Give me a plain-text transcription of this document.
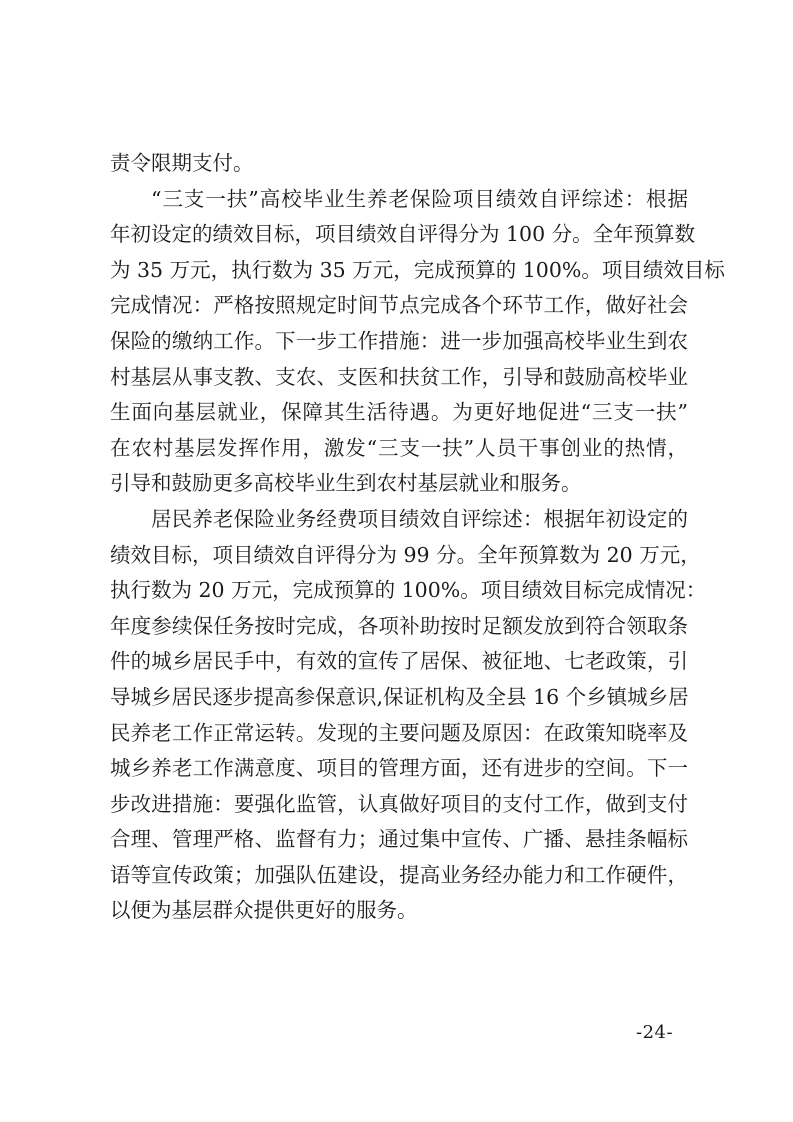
责令限期支付。
“三支一扶”高校毕业生养老保险项目绩效自评综述：根据
年初设定的绩效目标，项目绩效自评得分为 100 分。全年预算数
为 35 万元，执行数为 35 万元，完成预算的 100%。项目绩效目标
完成情况：严格按照规定时间节点完成各个环节工作，做好社会
保险的缴纳工作。下一步工作措施：进一步加强高校毕业生到农
村基层从事支教、支农、支医和扶贫工作，引导和鼓励高校毕业
生面向基层就业，保障其生活待遇。为更好地促进“三支一扶”
在农村基层发挥作用，激发“三支一扶”人员干事创业的热情，
引导和鼓励更多高校毕业生到农村基层就业和服务。
居民养老保险业务经费项目绩效自评综述：根据年初设定的
绩效目标，项目绩效自评得分为 99 分。全年预算数为 20 万元，
执行数为 20 万元，完成预算的 100%。项目绩效目标完成情况：
年度参续保任务按时完成，各项补助按时足额发放到符合领取条
件的城乡居民手中，有效的宣传了居保、被征地、七老政策，引
导城乡居民逐步提高参保意识,保证机构及全县 16 个乡镇城乡居
民养老工作正常运转。发现的主要问题及原因：在政策知晓率及
城乡养老工作满意度、项目的管理方面，还有进步的空间。下一
步改进措施：要强化监管，认真做好项目的支付工作，做到支付
合理、管理严格、监督有力；通过集中宣传、广播、悬挂条幅标
语等宣传政策；加强队伍建设，提高业务经办能力和工作硬件，
以便为基层群众提供更好的服务。
-24-
